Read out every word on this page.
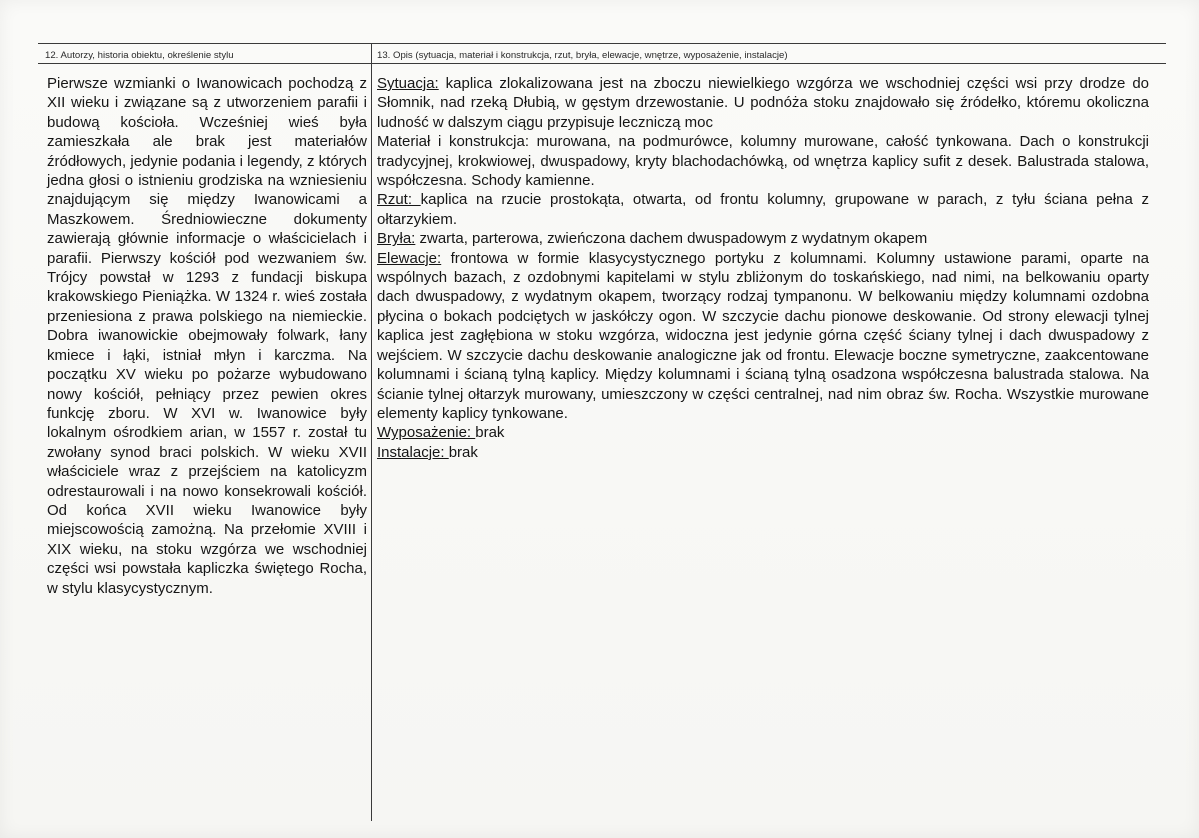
12. Autorzy, historia obiektu, określenie stylu	13. Opis (sytuacja, materiał i konstrukcja, rzut, bryła, elewacje, wnętrze, wyposażenie, instalacje)

Pierwsze wzmianki o Iwanowicach pochodzą z XII wieku i związane są z utworzeniem parafii i budową kościoła. Wcześniej wieś była zamieszkała ale brak jest materiałów źródłowych, jedynie podania i legendy, z których jedna głosi o istnieniu grodziska na wzniesieniu znajdującym się między Iwanowicami a Maszkowem. Średniowieczne dokumenty zawierają głównie informacje o właścicielach i parafii. Pierwszy kościół pod wezwaniem św. Trójcy powstał w 1293 z fundacji biskupa krakowskiego Pieniążka. W 1324 r. wieś została przeniesiona z prawa polskiego na niemieckie. Dobra iwanowickie obejmowały folwark, łany kmiece i łąki, istniał młyn i karczma. Na początku XV wieku po pożarze wybudowano nowy kościół, pełniący przez pewien okres funkcję zboru. W XVI w. Iwanowice były lokalnym ośrodkiem arian, w 1557 r. został tu zwołany synod braci polskich. W wieku XVII właściciele wraz z przejściem na katolicyzm odrestaurowali i na nowo konsekrowali kościół. Od końca XVII wieku Iwanowice były miejscowością zamożną. Na przełomie XVIII i XIX wieku, na stoku wzgórza we wschodniej części wsi powstała kapliczka świętego Rocha, w stylu klasycystycznym.

Sytuacja: kaplica zlokalizowana jest na zboczu niewielkiego wzgórza we wschodniej części wsi przy drodze do Słomnik, nad rzeką Dłubią, w gęstym drzewostanie. U podnóża stoku znajdowało się źródełko, któremu okoliczna ludność w dalszym ciągu przypisuje leczniczą moc

Materiał i konstrukcja: murowana, na podmurówce, kolumny murowane, całość tynkowana. Dach o konstrukcji tradycyjnej, krokwiowej, dwuspadowy, kryty blachodachówką, od wnętrza kaplicy sufit z desek. Balustrada stalowa, współczesna. Schody kamienne.

Rzut: kaplica na rzucie prostokąta, otwarta, od frontu kolumny, grupowane w parach, z tyłu ściana pełna z ołtarzykiem.

Bryła: zwarta, parterowa, zwieńczona dachem dwuspadowym z wydatnym okapem

Elewacje: frontowa w formie klasycystycznego portyku z kolumnami. Kolumny ustawione parami, oparte na wspólnych bazach, z ozdobnymi kapitelami w stylu zbliżonym do toskańskiego, nad nimi, na belkowaniu oparty dach dwuspadowy, z wydatnym okapem, tworzący rodzaj tympanonu. W belkowaniu między kolumnami ozdobna płycina o bokach podciętych w jaskółczy ogon. W szczycie dachu pionowe deskowanie. Od strony elewacji tylnej kaplica jest zagłębiona w stoku wzgórza, widoczna jest jedynie górna część ściany tylnej i dach dwuspadowy z wejściem. W szczycie dachu deskowanie analogiczne jak od frontu. Elewacje boczne symetryczne, zaakcentowane kolumnami i ścianą tylną kaplicy. Między kolumnami i ścianą tylną osadzona współczesna balustrada stalowa. Na ścianie tylnej ołtarzyk murowany, umieszczony w części centralnej, nad nim obraz św. Rocha. Wszystkie murowane elementy kaplicy tynkowane.

Wyposażenie: brak

Instalacje: brak
